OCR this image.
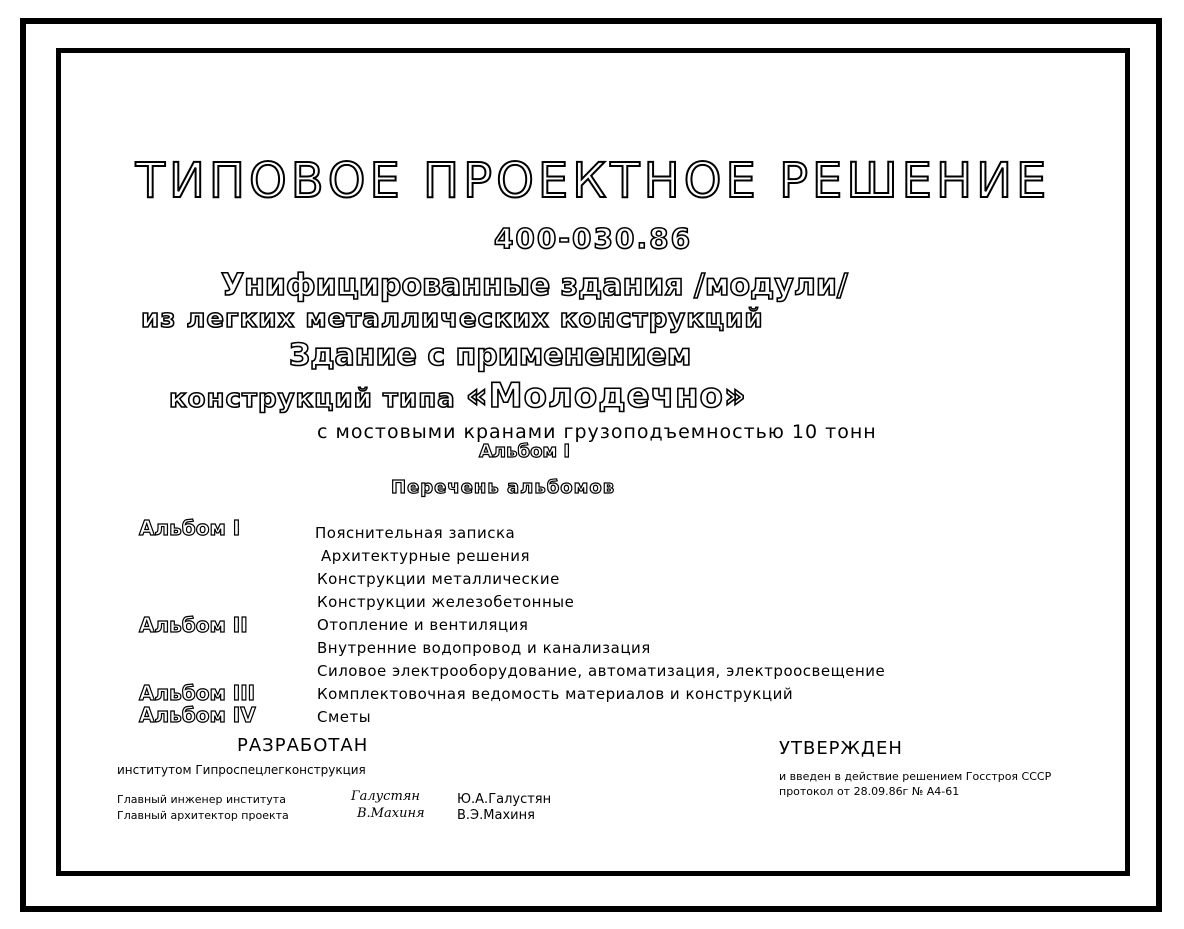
ТИПОВОЕ ПРОЕКТНОЕ РЕШЕНИЕ
400-030.86
Унифицированные здания /модули/
из легких металлических конструкций
Здание с применением
конструкций типа «Молодечно»
с мостовыми кранами грузоподъемностью 10 тонн
Альбом I
Перечень альбомов
Альбом I
Альбом II
Альбом III
Альбом IV
Пояснительная записка
Архитектурные решения
Конструкции металлические
Конструкции железобетонные
Отопление и вентиляция
Внутренние водопровод и канализация
Силовое электрооборудование, автоматизация, электроосвещение
Комплектовочная ведомость материалов и конструкций
Сметы
РАЗРАБОТАН
институтом Гипроспецлегконструкция
Главный инженер института
Главный архитектор проекта
Галустян
В.Махиня
Ю.А.Галустян
В.Э.Махиня
УТВЕРЖДЕН
и введен в действие решением Госстроя СССР
протокол от 28.09.86г № А4-61
